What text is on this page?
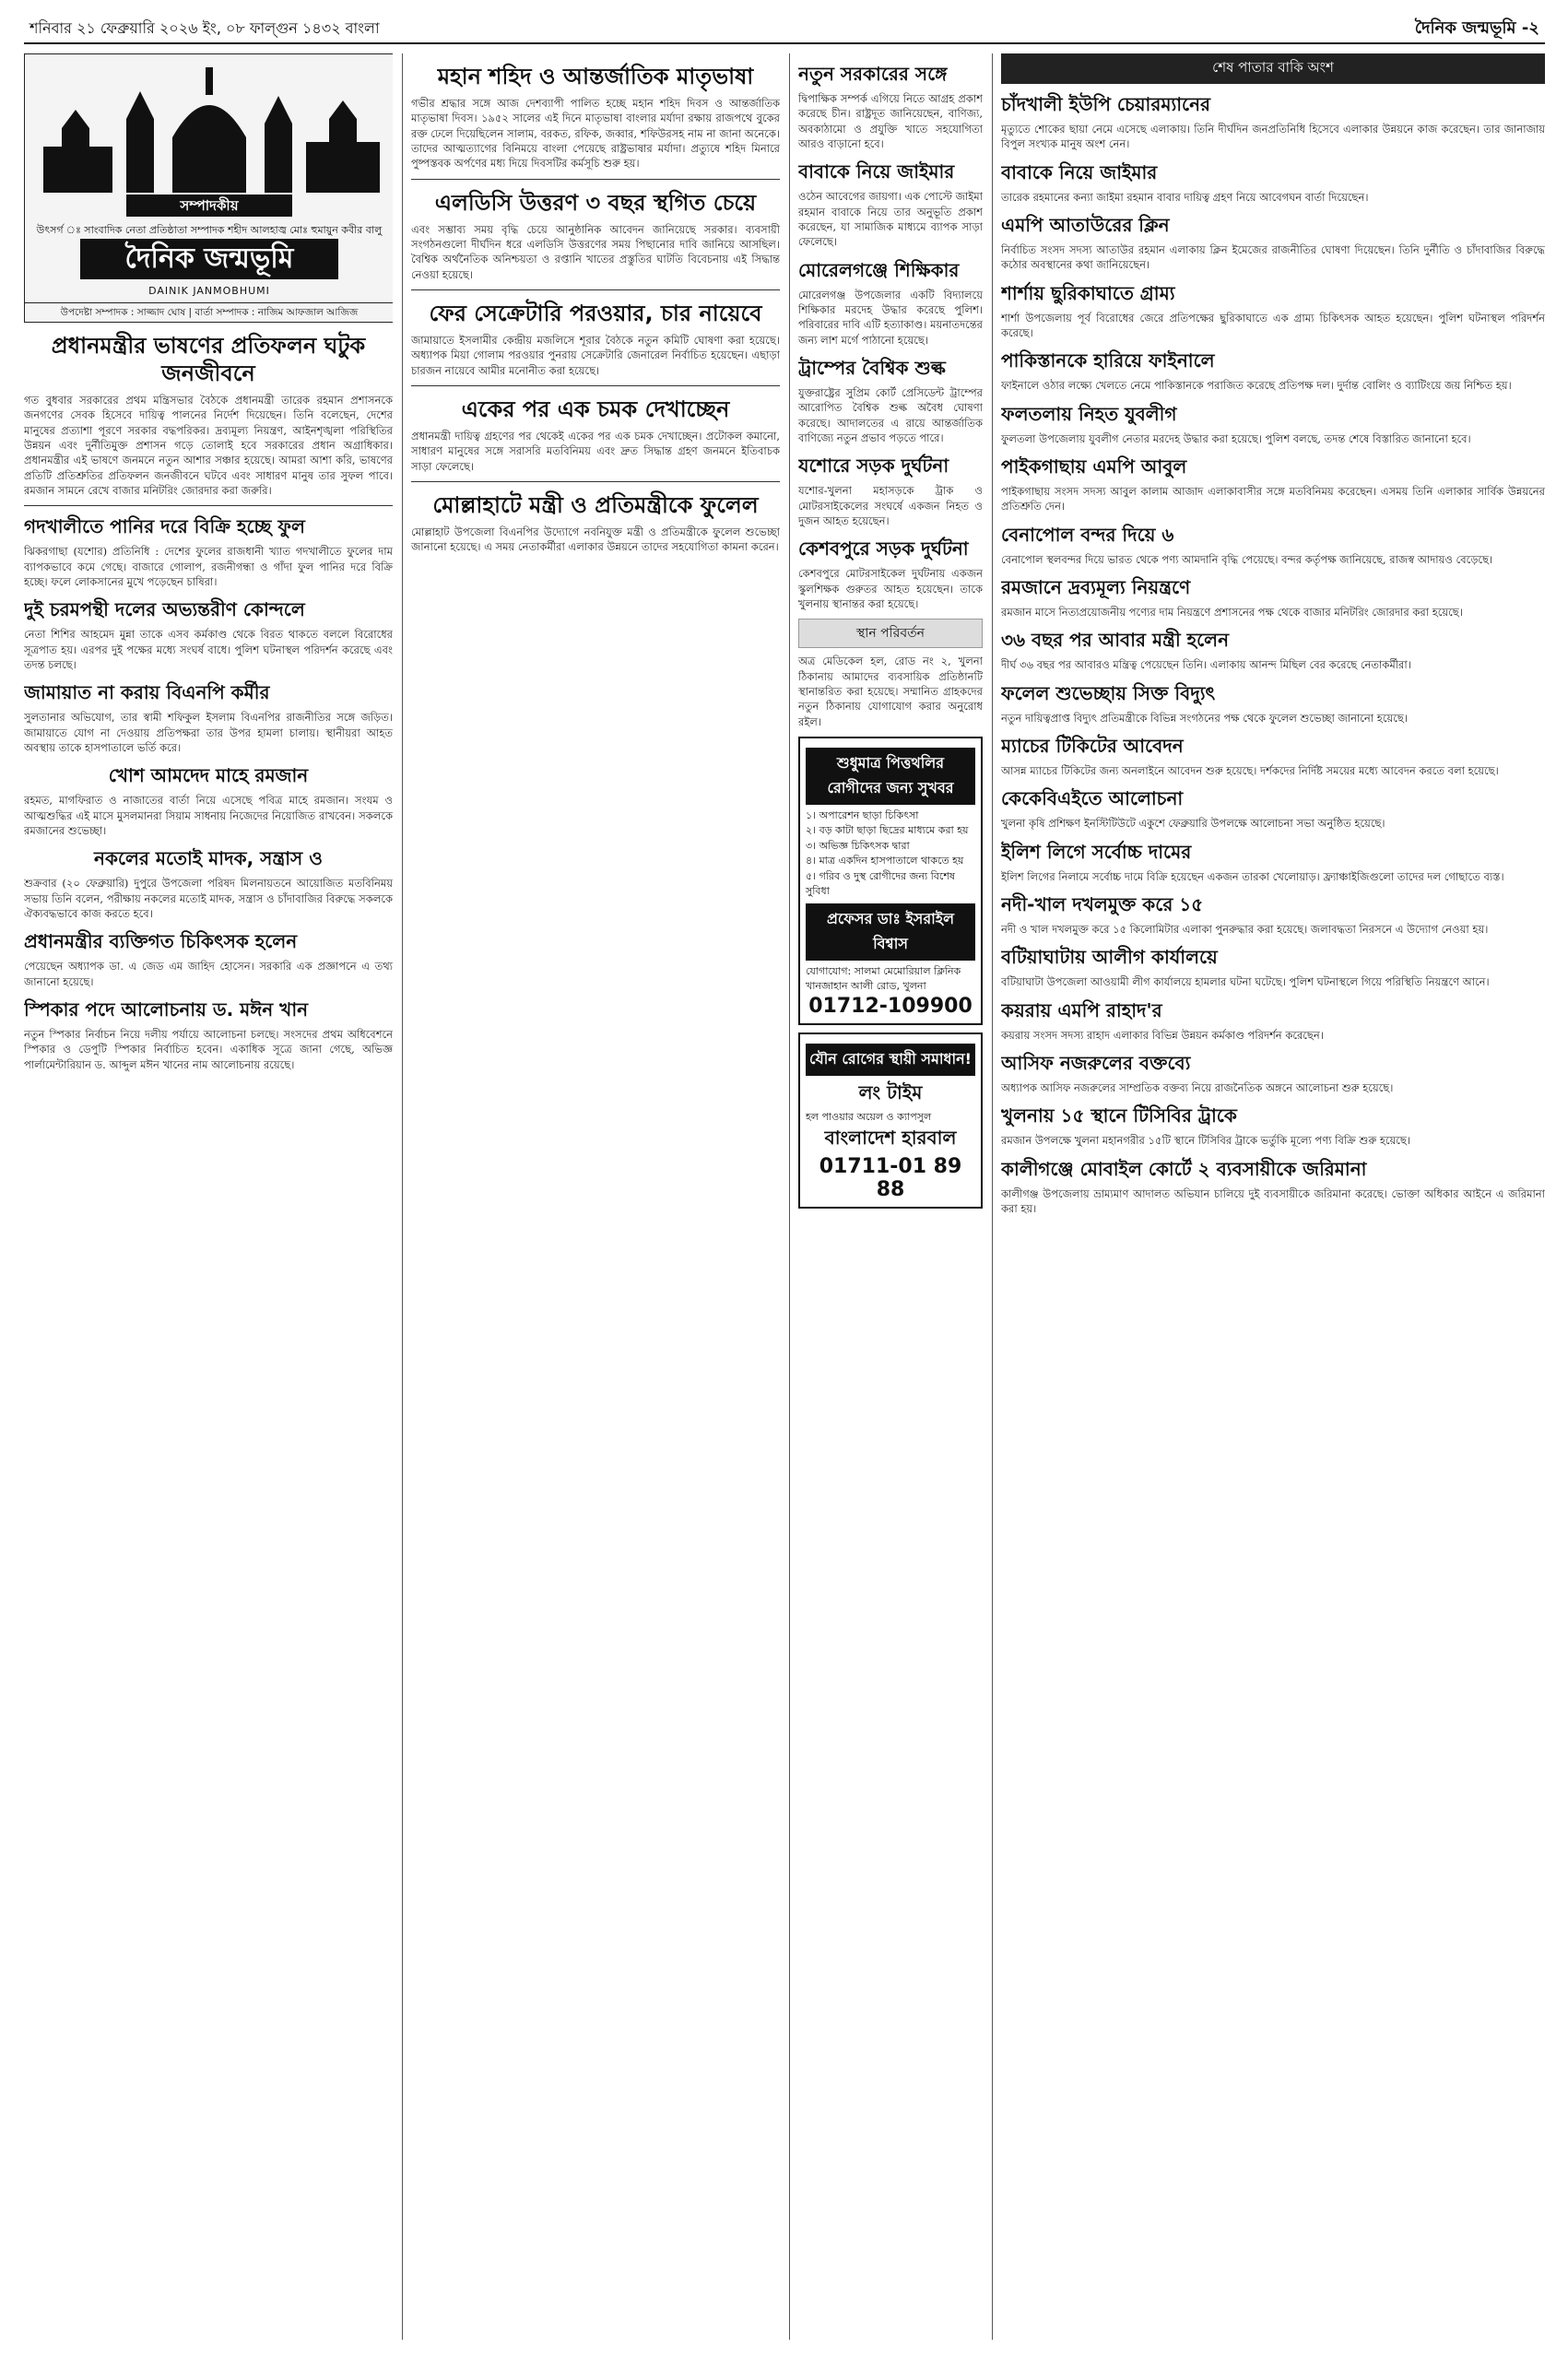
শনিবার ২১ ফেব্রুয়ারি ২০২৬ ইং, ০৮ ফাল্গুন ১৪৩২ বাংলা	দৈনিক জন্মভূমি -২
সম্পাদকীয়
উৎসর্গ ঃ সাংবাদিক নেতা প্রতিষ্ঠাতা সম্পাদক শহীদ আলহাজ্ব মোঃ হুমায়ুন কবীর বালু
দৈনিক জন্মভূমি
DAINIK JANMOBHUMI
উপদেষ্টা সম্পাদক : সাজ্জাদ ঘোষ | বার্তা সম্পাদক : নাজিম আফজাল আজিজ
প্রধানমন্ত্রীর ভাষণের প্রতিফলন ঘটুক জনজীবনে

গত বুধবার সরকারের প্রথম মন্ত্রিসভার বৈঠকে প্রধানমন্ত্রী তারেক রহমান প্রশাসনকে জনগণের সেবক হিসেবে দায়িত্ব পালনের নির্দেশ দিয়েছেন। তিনি বলেছেন, দেশের মানুষের প্রত্যাশা পূরণে সরকার বদ্ধপরিকর। দ্রব্যমূল্য নিয়ন্ত্রণ, আইনশৃঙ্খলা পরিস্থিতির উন্নয়ন এবং দুর্নীতিমুক্ত প্রশাসন গড়ে তোলাই হবে সরকারের প্রধান অগ্রাধিকার। প্রধানমন্ত্রীর এই ভাষণে জনমনে নতুন আশার সঞ্চার হয়েছে। আমরা আশা করি, ভাষণের প্রতিটি প্রতিশ্রুতির প্রতিফলন জনজীবনে ঘটবে এবং সাধারণ মানুষ তার সুফল পাবে। রমজান সামনে রেখে বাজার মনিটরিং জোরদার করা জরুরি।

গদখালীতে পানির দরে বিক্রি হচ্ছে ফুল

ঝিকরগাছা (যশোর) প্রতিনিধি : দেশের ফুলের রাজধানী খ্যাত গদখালীতে ফুলের দাম ব্যাপকভাবে কমে গেছে। বাজারে গোলাপ, রজনীগন্ধা ও গাঁদা ফুল পানির দরে বিক্রি হচ্ছে। ফলে লোকসানের মুখে পড়েছেন চাষিরা।

দুই চরমপন্থী দলের অভ্যন্তরীণ কোন্দলে

নেতা শিশির আহমেদ মুন্না তাকে এসব কর্মকাণ্ড থেকে বিরত থাকতে বললে বিরোধের সূত্রপাত হয়। এরপর দুই পক্ষের মধ্যে সংঘর্ষ বাধে। পুলিশ ঘটনাস্থল পরিদর্শন করেছে এবং তদন্ত চলছে।

জামায়াত না করায় বিএনপি কর্মীর

সুলতানার অভিযোগ, তার স্বামী শফিকুল ইসলাম বিএনপির রাজনীতির সঙ্গে জড়িত। জামায়াতে যোগ না দেওয়ায় প্রতিপক্ষরা তার উপর হামলা চালায়। স্থানীয়রা আহত অবস্থায় তাকে হাসপাতালে ভর্তি করে।

খোশ আমদেদ মাহে রমজান

রহমত, মাগফিরাত ও নাজাতের বার্তা নিয়ে এসেছে পবিত্র মাহে রমজান। সংযম ও আত্মশুদ্ধির এই মাসে মুসলমানরা সিয়াম সাধনায় নিজেদের নিয়োজিত রাখবেন। সকলকে রমজানের শুভেচ্ছা।

নকলের মতোই মাদক, সন্ত্রাস ও

শুক্রবার (২০ ফেব্রুয়ারি) দুপুরে উপজেলা পরিষদ মিলনায়তনে আয়োজিত মতবিনিময় সভায় তিনি বলেন, পরীক্ষায় নকলের মতোই মাদক, সন্ত্রাস ও চাঁদাবাজির বিরুদ্ধে সকলকে ঐক্যবদ্ধভাবে কাজ করতে হবে।

প্রধানমন্ত্রীর ব্যক্তিগত চিকিৎসক হলেন

পেয়েছেন অধ্যাপক ডা. এ জেড এম জাহিদ হোসেন। সরকারি এক প্রজ্ঞাপনে এ তথ্য জানানো হয়েছে।

স্পিকার পদে আলোচনায় ড. মঈন খান

নতুন স্পিকার নির্বাচন নিয়ে দলীয় পর্যায়ে আলোচনা চলছে। সংসদের প্রথম অধিবেশনে স্পিকার ও ডেপুটি স্পিকার নির্বাচিত হবেন। একাধিক সূত্রে জানা গেছে, অভিজ্ঞ পার্লামেন্টারিয়ান ড. আব্দুল মঈন খানের নাম আলোচনায় রয়েছে।

মহান শহিদ ও আন্তর্জাতিক মাতৃভাষা

গভীর শ্রদ্ধার সঙ্গে আজ দেশব্যাপী পালিত হচ্ছে মহান শহিদ দিবস ও আন্তর্জাতিক মাতৃভাষা দিবস। ১৯৫২ সালের এই দিনে মাতৃভাষা বাংলার মর্যাদা রক্ষায় রাজপথে বুকের রক্ত ঢেলে দিয়েছিলেন সালাম, বরকত, রফিক, জব্বার, শফিউরসহ নাম না জানা অনেকে। তাদের আত্মত্যাগের বিনিময়ে বাংলা পেয়েছে রাষ্ট্রভাষার মর্যাদা। প্রত্যুষে শহিদ মিনারে পুষ্পস্তবক অর্পণের মধ্য দিয়ে দিবসটির কর্মসূচি শুরু হয়।

এলডিসি উত্তরণ ৩ বছর স্থগিত চেয়ে

এবং সম্ভাব্য সময় বৃদ্ধি চেয়ে আনুষ্ঠানিক আবেদন জানিয়েছে সরকার। ব্যবসায়ী সংগঠনগুলো দীর্ঘদিন ধরে এলডিসি উত্তরণের সময় পিছানোর দাবি জানিয়ে আসছিল। বৈশ্বিক অর্থনৈতিক অনিশ্চয়তা ও রপ্তানি খাতের প্রস্তুতির ঘাটতি বিবেচনায় এই সিদ্ধান্ত নেওয়া হয়েছে।

ফের সেক্রেটারি পরওয়ার, চার নায়েবে

জামায়াতে ইসলামীর কেন্দ্রীয় মজলিসে শূরার বৈঠকে নতুন কমিটি ঘোষণা করা হয়েছে। অধ্যাপক মিয়া গোলাম পরওয়ার পুনরায় সেক্রেটারি জেনারেল নির্বাচিত হয়েছেন। এছাড়া চারজন নায়েবে আমীর মনোনীত করা হয়েছে।

একের পর এক চমক দেখাচ্ছেন

প্রধানমন্ত্রী দায়িত্ব গ্রহণের পর থেকেই একের পর এক চমক দেখাচ্ছেন। প্রটোকল কমানো, সাধারণ মানুষের সঙ্গে সরাসরি মতবিনিময় এবং দ্রুত সিদ্ধান্ত গ্রহণ জনমনে ইতিবাচক সাড়া ফেলেছে।

মোল্লাহাটে মন্ত্রী ও প্রতিমন্ত্রীকে ফুলেল

মোল্লাহাট উপজেলা বিএনপির উদ্যোগে নবনিযুক্ত মন্ত্রী ও প্রতিমন্ত্রীকে ফুলেল শুভেচ্ছা জানানো হয়েছে। এ সময় নেতাকর্মীরা এলাকার উন্নয়নে তাদের সহযোগিতা কামনা করেন।

নতুন সরকারের সঙ্গে

দ্বিপাক্ষিক সম্পর্ক এগিয়ে নিতে আগ্রহ প্রকাশ করেছে চীন। রাষ্ট্রদূত জানিয়েছেন, বাণিজ্য, অবকাঠামো ও প্রযুক্তি খাতে সহযোগিতা আরও বাড়ানো হবে।

বাবাকে নিয়ে জাইমার

ওঠেন আবেগের জায়গা। এক পোস্টে জাইমা রহমান বাবাকে নিয়ে তার অনুভূতি প্রকাশ করেছেন, যা সামাজিক মাধ্যমে ব্যাপক সাড়া ফেলেছে।

মোরেলগঞ্জে শিক্ষিকার

মোরেলগঞ্জ উপজেলার একটি বিদ্যালয়ে শিক্ষিকার মরদেহ উদ্ধার করেছে পুলিশ। পরিবারের দাবি এটি হত্যাকাণ্ড। ময়নাতদন্তের জন্য লাশ মর্গে পাঠানো হয়েছে।

ট্রাম্পের বৈশ্বিক শুল্ক

যুক্তরাষ্ট্রের সুপ্রিম কোর্ট প্রেসিডেন্ট ট্রাম্পের আরোপিত বৈশ্বিক শুল্ক অবৈধ ঘোষণা করেছে। আদালতের এ রায়ে আন্তর্জাতিক বাণিজ্যে নতুন প্রভাব পড়তে পারে।

যশোরে সড়ক দুর্ঘটনা

যশোর-খুলনা মহাসড়কে ট্রাক ও মোটরসাইকেলের সংঘর্ষে একজন নিহত ও দুজন আহত হয়েছেন।

কেশবপুরে সড়ক দুর্ঘটনা

কেশবপুরে মোটরসাইকেল দুর্ঘটনায় একজন স্কুলশিক্ষক গুরুতর আহত হয়েছেন। তাকে খুলনায় স্থানান্তর করা হয়েছে।

স্থান পরিবর্তন

অত্র মেডিকেল হল, রোড নং ২, খুলনা ঠিকানায় আমাদের ব্যবসায়িক প্রতিষ্ঠানটি স্থানান্তরিত করা হয়েছে। সম্মানিত গ্রাহকদের নতুন ঠিকানায় যোগাযোগ করার অনুরোধ রইল।

শুধুমাত্র পিত্তথলির রোগীদের জন্য সুখবর
১। অপারেশন ছাড়া চিকিৎসা
২। বড় কাটা ছাড়া ছিদ্রের মাধ্যমে করা হয়
৩। অভিজ্ঞ চিকিৎসক দ্বারা
৪। মাত্র একদিন হাসপাতালে থাকতে হয়
৫। গরিব ও দুস্থ রোগীদের জন্য বিশেষ সুবিধা
প্রফেসর ডাঃ ইসরাইল বিশ্বাস
যোগাযোগ: সালমা মেমোরিয়াল ক্লিনিক
খানজাহান আলী রোড, খুলনা
01712-109900
যৌন রোগের স্থায়ী সমাধান!
লং টাইম
হল পাওয়ার অয়েল ও ক্যাপসুল
বাংলাদেশ হারবাল
01711-01 89 88
শেষ পাতার বাকি অংশ
চাঁদখালী ইউপি চেয়ারম্যানের

মৃত্যুতে শোকের ছায়া নেমে এসেছে এলাকায়। তিনি দীর্ঘদিন জনপ্রতিনিধি হিসেবে এলাকার উন্নয়নে কাজ করেছেন। তার জানাজায় বিপুল সংখ্যক মানুষ অংশ নেন।

বাবাকে নিয়ে জাইমার

তারেক রহমানের কন্যা জাইমা রহমান বাবার দায়িত্ব গ্রহণ নিয়ে আবেগঘন বার্তা দিয়েছেন।

এমপি আতাউরের ক্লিন

নির্বাচিত সংসদ সদস্য আতাউর রহমান এলাকায় ক্লিন ইমেজের রাজনীতির ঘোষণা দিয়েছেন। তিনি দুর্নীতি ও চাঁদাবাজির বিরুদ্ধে কঠোর অবস্থানের কথা জানিয়েছেন।

শার্শায় ছুরিকাঘাতে গ্রাম্য

শার্শা উপজেলায় পূর্ব বিরোধের জেরে প্রতিপক্ষের ছুরিকাঘাতে এক গ্রাম্য চিকিৎসক আহত হয়েছেন। পুলিশ ঘটনাস্থল পরিদর্শন করেছে।

পাকিস্তানকে হারিয়ে ফাইনালে

ফাইনালে ওঠার লক্ষ্যে খেলতে নেমে পাকিস্তানকে পরাজিত করেছে প্রতিপক্ষ দল। দুর্দান্ত বোলিং ও ব্যাটিংয়ে জয় নিশ্চিত হয়।

ফলতলায় নিহত যুবলীগ

ফুলতলা উপজেলায় যুবলীগ নেতার মরদেহ উদ্ধার করা হয়েছে। পুলিশ বলছে, তদন্ত শেষে বিস্তারিত জানানো হবে।

পাইকগাছায় এমপি আবুল

পাইকগাছায় সংসদ সদস্য আবুল কালাম আজাদ এলাকাবাসীর সঙ্গে মতবিনিময় করেছেন। এসময় তিনি এলাকার সার্বিক উন্নয়নের প্রতিশ্রুতি দেন।

বেনাপোল বন্দর দিয়ে ৬

বেনাপোল স্থলবন্দর দিয়ে ভারত থেকে পণ্য আমদানি বৃদ্ধি পেয়েছে। বন্দর কর্তৃপক্ষ জানিয়েছে, রাজস্ব আদায়ও বেড়েছে।

রমজানে দ্রব্যমূল্য নিয়ন্ত্রণে

রমজান মাসে নিত্যপ্রয়োজনীয় পণ্যের দাম নিয়ন্ত্রণে প্রশাসনের পক্ষ থেকে বাজার মনিটরিং জোরদার করা হয়েছে।

৩৬ বছর পর আবার মন্ত্রী হলেন

দীর্ঘ ৩৬ বছর পর আবারও মন্ত্রিত্ব পেয়েছেন তিনি। এলাকায় আনন্দ মিছিল বের করেছে নেতাকর্মীরা।

ফলেল শুভেচ্ছায় সিক্ত বিদ্যুৎ

নতুন দায়িত্বপ্রাপ্ত বিদ্যুৎ প্রতিমন্ত্রীকে বিভিন্ন সংগঠনের পক্ষ থেকে ফুলেল শুভেচ্ছা জানানো হয়েছে।

ম্যাচের টিকিটের আবেদন

আসন্ন ম্যাচের টিকিটের জন্য অনলাইনে আবেদন শুরু হয়েছে। দর্শকদের নির্দিষ্ট সময়ের মধ্যে আবেদন করতে বলা হয়েছে।

কেকেবিএইতে আলোচনা

খুলনা কৃষি প্রশিক্ষণ ইনস্টিটিউটে একুশে ফেব্রুয়ারি উপলক্ষে আলোচনা সভা অনুষ্ঠিত হয়েছে।

ইলিশ লিগে সর্বোচ্চ দামের

ইলিশ লিগের নিলামে সর্বোচ্চ দামে বিক্রি হয়েছেন একজন তারকা খেলোয়াড়। ফ্র্যাঞ্চাইজিগুলো তাদের দল গোছাতে ব্যস্ত।

নদী-খাল দখলমুক্ত করে ১৫

নদী ও খাল দখলমুক্ত করে ১৫ কিলোমিটার এলাকা পুনরুদ্ধার করা হয়েছে। জলাবদ্ধতা নিরসনে এ উদ্যোগ নেওয়া হয়।

বটিয়াঘাটায় আলীগ কার্যালয়ে

বটিয়াঘাটা উপজেলা আওয়ামী লীগ কার্যালয়ে হামলার ঘটনা ঘটেছে। পুলিশ ঘটনাস্থলে গিয়ে পরিস্থিতি নিয়ন্ত্রণে আনে।

কয়রায় এমপি রাহাদ'র

কয়রায় সংসদ সদস্য রাহাদ এলাকার বিভিন্ন উন্নয়ন কর্মকাণ্ড পরিদর্শন করেছেন।

আসিফ নজরুলের বক্তব্যে

অধ্যাপক আসিফ নজরুলের সাম্প্রতিক বক্তব্য নিয়ে রাজনৈতিক অঙ্গনে আলোচনা শুরু হয়েছে।

খুলনায় ১৫ স্থানে টিসিবির ট্রাকে

রমজান উপলক্ষে খুলনা মহানগরীর ১৫টি স্থানে টিসিবির ট্রাকে ভর্তুকি মূল্যে পণ্য বিক্রি শুরু হয়েছে।

কালীগঞ্জে মোবাইল কোর্টে ২ ব্যবসায়ীকে জরিমানা

কালীগঞ্জ উপজেলায় ভ্রাম্যমাণ আদালত অভিযান চালিয়ে দুই ব্যবসায়ীকে জরিমানা করেছে। ভোক্তা অধিকার আইনে এ জরিমানা করা হয়।
